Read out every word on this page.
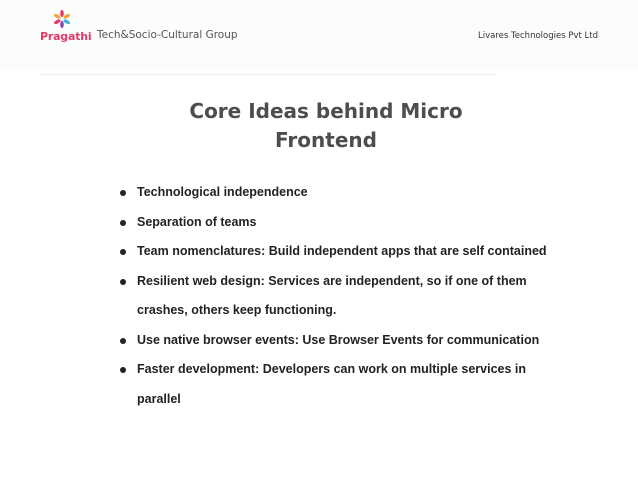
Pragathi Tech&Socio-Cultural Group	Livares Technologies Pvt Ltd
Core Ideas behind Micro
Frontend
Technological independence
Separation of teams
Team nomenclatures: Build independent apps that are self contained
Resilient web design: Services are independent, so if one of them
crashes, others keep functioning.
Use native browser events: Use Browser Events for communication
Faster development: Developers can work on multiple services in
parallel
